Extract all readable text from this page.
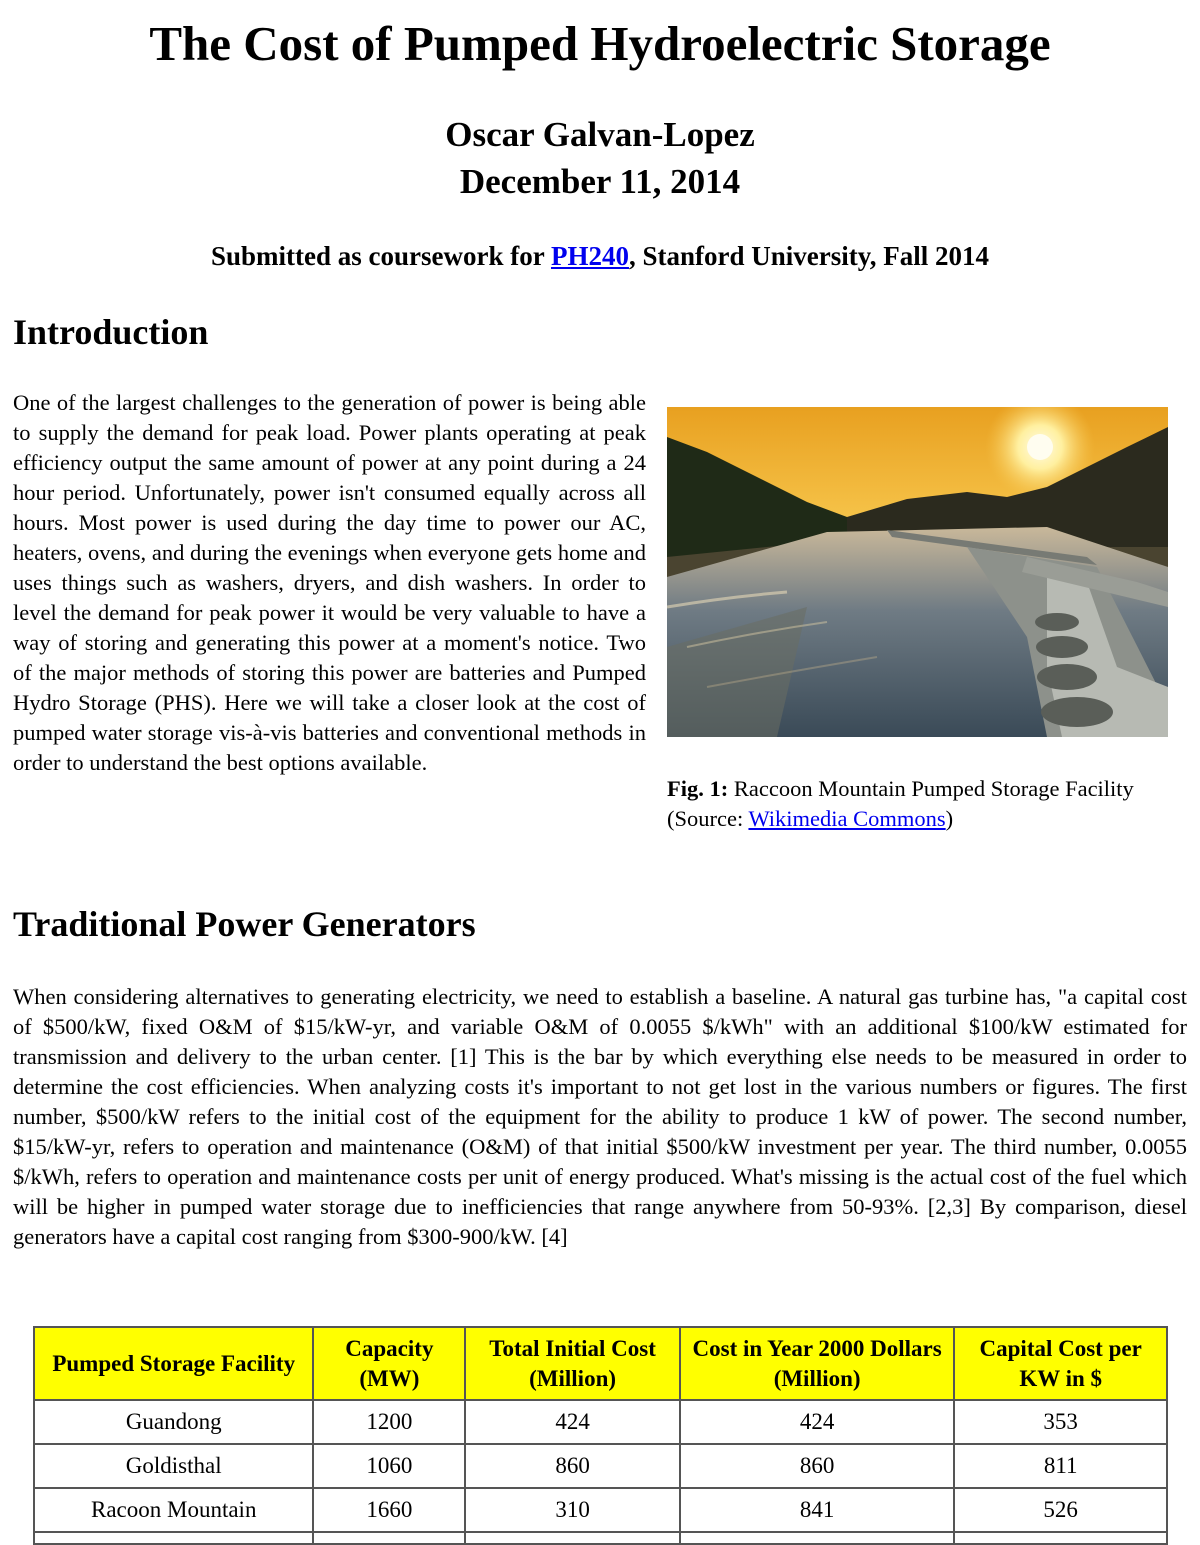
The Cost of Pumped Hydroelectric Storage
Oscar Galvan-Lopez
December 11, 2014
Submitted as coursework for PH240, Stanford University, Fall 2014
Introduction

One of the largest challenges to the generation of power is being able to supply the demand for peak load. Power plants operating at peak efficiency output the same amount of power at any point during a 24 hour period. Unfortunately, power isn't consumed equally across all hours. Most power is used during the day time to power our AC, heaters, ovens, and during the evenings when everyone gets home and uses things such as washers, dryers, and dish washers. In order to level the demand for peak power it would be very valuable to have a way of storing and generating this power at a moment's notice. Two of the major methods of storing this power are batteries and Pumped Hydro Storage (PHS). Here we will take a closer look at the cost of pumped water storage vis-à-vis batteries and conventional methods in order to understand the best options available.

Fig. 1: Raccoon Mountain Pumped Storage Facility (Source: Wikimedia Commons)
Traditional Power Generators

When considering alternatives to generating electricity, we need to establish a baseline. A natural gas turbine has, "a capital cost of $500/kW, fixed O&M of $15/kW-yr, and variable O&M of 0.0055 $/kWh" with an additional $100/kW estimated for transmission and delivery to the urban center. [1] This is the bar by which everything else needs to be measured in order to determine the cost efficiencies. When analyzing costs it's important to not get lost in the various numbers or figures. The first number, $500/kW refers to the initial cost of the equipment for the ability to produce 1 kW of power. The second number, $15/kW-yr, refers to operation and maintenance (O&M) of that initial $500/kW investment per year. The third number, 0.0055 $/kWh, refers to operation and maintenance costs per unit of energy produced. What's missing is the actual cost of the fuel which will be higher in pumped water storage due to inefficiencies that range anywhere from 50-93%. [2,3] By comparison, diesel generators have a capital cost ranging from $300-900/kW. [4]

Pumped Storage Facility	Capacity (MW)	Total Initial Cost (Million)	Cost in Year 2000 Dollars (Million)	Capital Cost per KW in $
Guandong	1200	424	424	353
Goldisthal	1060	860	860	811
Racoon Mountain	1660	310	841	526
